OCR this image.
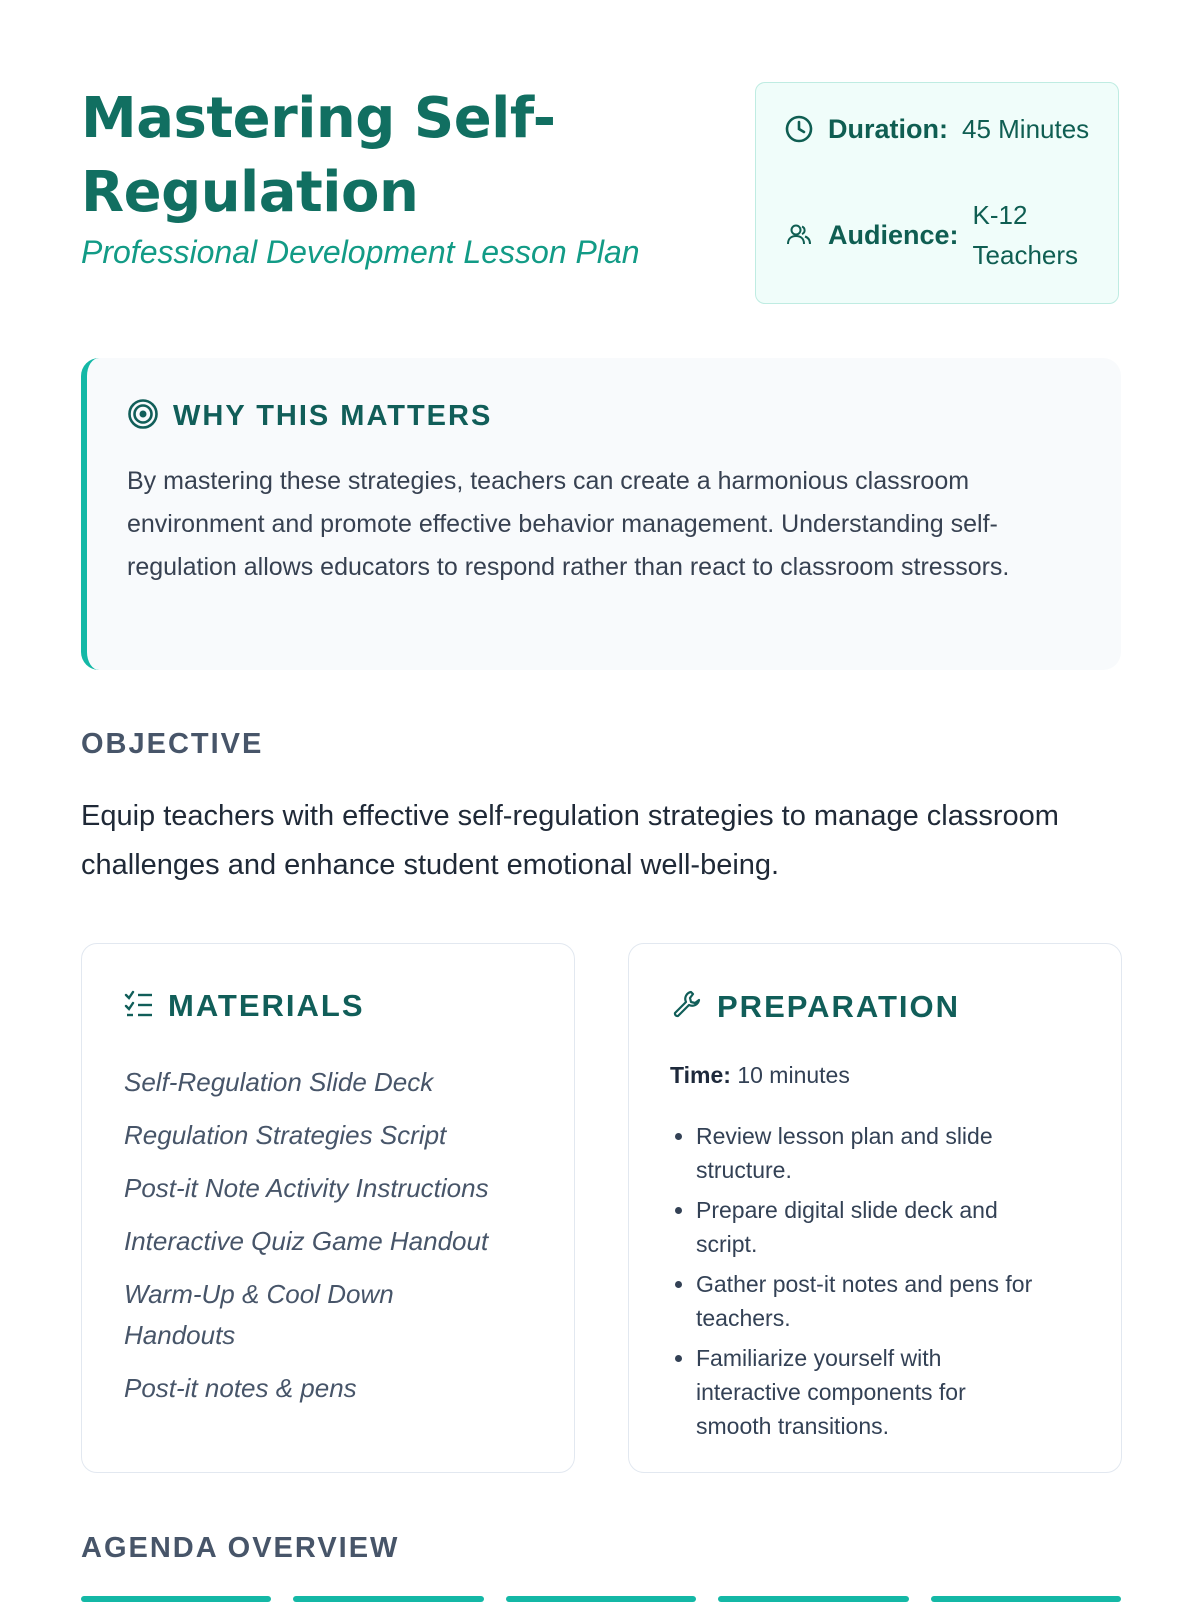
Mastering Self-Regulation

Professional Development Lesson Plan

Duration: 45 Minutes
Audience:
K-12 Teachers
WHY THIS MATTERS

By mastering these strategies, teachers can create a harmonious classroom environment and promote effective behavior management. Understanding self-regulation allows educators to respond rather than react to classroom stressors.

OBJECTIVE

Equip teachers with effective self-regulation strategies to manage classroom challenges and enhance student emotional well-being.

MATERIALS
Self-Regulation Slide Deck
Regulation Strategies Script
Post-it Note Activity Instructions
Interactive Quiz Game Handout
Warm-Up & Cool Down Handouts
Post-it notes & pens
PREPARATION
Time: 10 minutes
• Review lesson plan and slide structure.
• Prepare digital slide deck and script.
• Gather post-it notes and pens for teachers.
• Familiarize yourself with interactive components for smooth transitions.
AGENDA OVERVIEW
